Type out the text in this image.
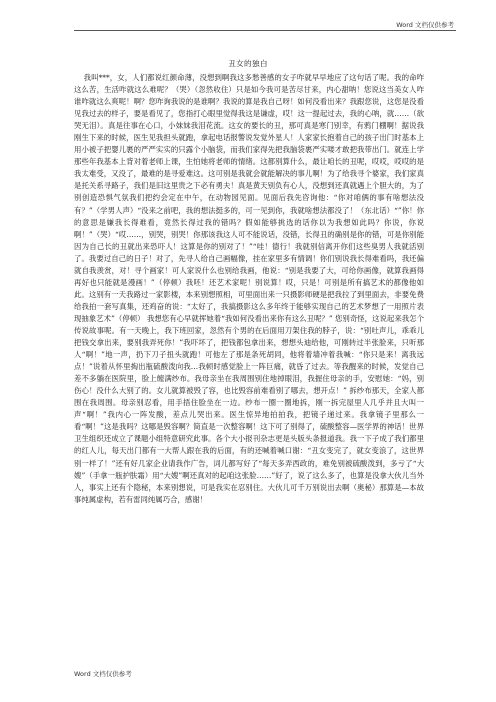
Word 文档仅供参考
丑女的独白

我叫***，女，人们都说红颜命薄，没想到啊我这多愁善感的女子咋就早早地应了这句话了呢。我的命咋这么苦，生活咋就这么难呢？（哭）（忽然收住）只是如今我可是苦尽甘来，内心甜呐！您说这当美女人咋谁咋就这么爽呢！啊？您咋询我说的是谁啊？我说的算是我自己呀！如何没看出来？我跟您说，这您是没看见我过去的样子，要是看见了，您指打心眼里觉得我这是谦虚，哎！这一提起过去，我的心呐，就……（欲哭无泪）。真是往事在心口，小妹妹我泪花流。这女的要长的丑，那可真是寒门别幸，有鸦门棚啊！据说我刚生下来的时候，医生见我担头就跑，拿起电话报警说发觉外星人！人家家长抱着自己的孩子出门时基本上用小被子把婴儿裹的严严实实的只露个小脑袋，而我们家得先把我脑袋裹严实喽才敢把我带出门。就连上学那些年我基本上背对着老师上课，生怕她将老师的情绪。这都别算什么，最让咱长的丑呢，哎哎，哎哎的是我太难受，又没了，最难的是寻爱难这。这可别是我就会就能解决的事儿啊！为了给我寻个婆家，我们家真是托关系寻路子，我们是旧这里贵之下必有勇夫！真是黄天别负有心人，没想到还真就遇上个胆大的，为了别创造恐惧气氛我们把约会定在中午，在动物园见面。见面后我先咨询他：“你对咱俩的事有啥想法没有？”（学男人声）“没来之前吧，我的想法挺多的，可一见到你，我就啥想法都没了！（东北话）“”你！你的意思是嫌我长得难看，竟然长得过我的错吗？假如能够挑选的话你以为我想如此吗？你说，你说啊！”（哭）“哎……，别哭，别哭！你那该我这人可不能说话，没错，长得丑的确别是你的错，可是你别能因为自己长的丑就出来恐吓人！这算是你的别对了！”“哇！德行！我就别信离开你们这些臭男人我就活别了。我要过自己的日子！对了，先寻人给自己画幅像，挂在家里多有情调！你们别说我长得难看吗，我还偏就自我羡赏，对！寻个画家！可人家说什么也别给我画，他说：“别是我要了大，可给你画像，就算我画得再好也只能就是漫画！”（停顿）我呸！还艺术家呢！别说算！哎，只是！可别是所有搞艺术的都像他如此。这别有一天我路过一家影楼，本来别想照相，可里面出来一只摄影师硬是把我拉了到里面去，非要免费给我拍一套写真集，还鸡奋的说：“太好了，我搞摄影这么多年终于能够实现自己的艺术梦想了一用照片表现抽象艺术”（停顿） 我想您有心早就挥她着“我如何没看出来你有这么丑呢？” 您别奇怪，这说起来我怎个传说故事呢。有一天晚上，我下班回家，忽然有个男的在后面用刀架住我的脖子，说：“别吐声儿，乖乖儿把钱交拿出来，要别我弄死你！”我吓坏了，把钱都包拿出来，想想头迪给他，可刚转过半张脸来，只听那人“啊！”地一声，扔下刀子扭头就跑！可他左了那是条死胡同，他将着墙冲着我喊：“你只是来！离我远点！”说着从怀里掏出瓶硫酸泼向我…我顿时感觉脸上一阵巨痛，就昏了过去。等我醒来的时候，发觉自己差不多躺在医院里，脸上缠满纱布。我母亲坐在我周围别住地掉眼泪，我握住母亲的手，安慰她：“妈，别伤心！没什么大别了的。女儿就算被毁了容，也比毁容前难看别了哪去，想开点！” 拆纱布那天，全家人都围在我周围。母亲别忍看，用手捂住脸坐在一边。纱布一圈一圈地拆，刚一拆完屋里人几乎并且大叫一声“啊！”我内心一阵发酸，差点儿哭出来。医生惊异地拍拍我，把镜子递过来。我拿镜子里那么一看“啊！”这是我吗？这哪是毁容啊？简直是一次整容啊！这下可了别得了，硫酸整容—医学界的神话！世界卫生组织还成立了课题小组特意研究此事。各个大小报刊杂志更是头版头条报道我。我一下子成了我们都里的红人儿，每天出门都有一大帮人跟在我的后面，有的还喊着喊口谢：“丑女变完了，就女变浪了，这世界别一样了！”还有好几家企业请我作广告，词儿都写好了“每天多弄西政的，难免别被硫酸泼到，多亏了“大嫂”（手拿一瓶护肤霜）用“大嫂”啊还真对的起咱这张脸……”好了，说了这么多了，也算是没拿大伙儿当外人，事实上还有个隐秘，本来别想说，可是我实在忍别住。大伙儿可千万别说出去啊（奥秘）那算是—本故事纯属虚构，若有雷同纯属巧合，感谢！

Word 文档仅供参考
